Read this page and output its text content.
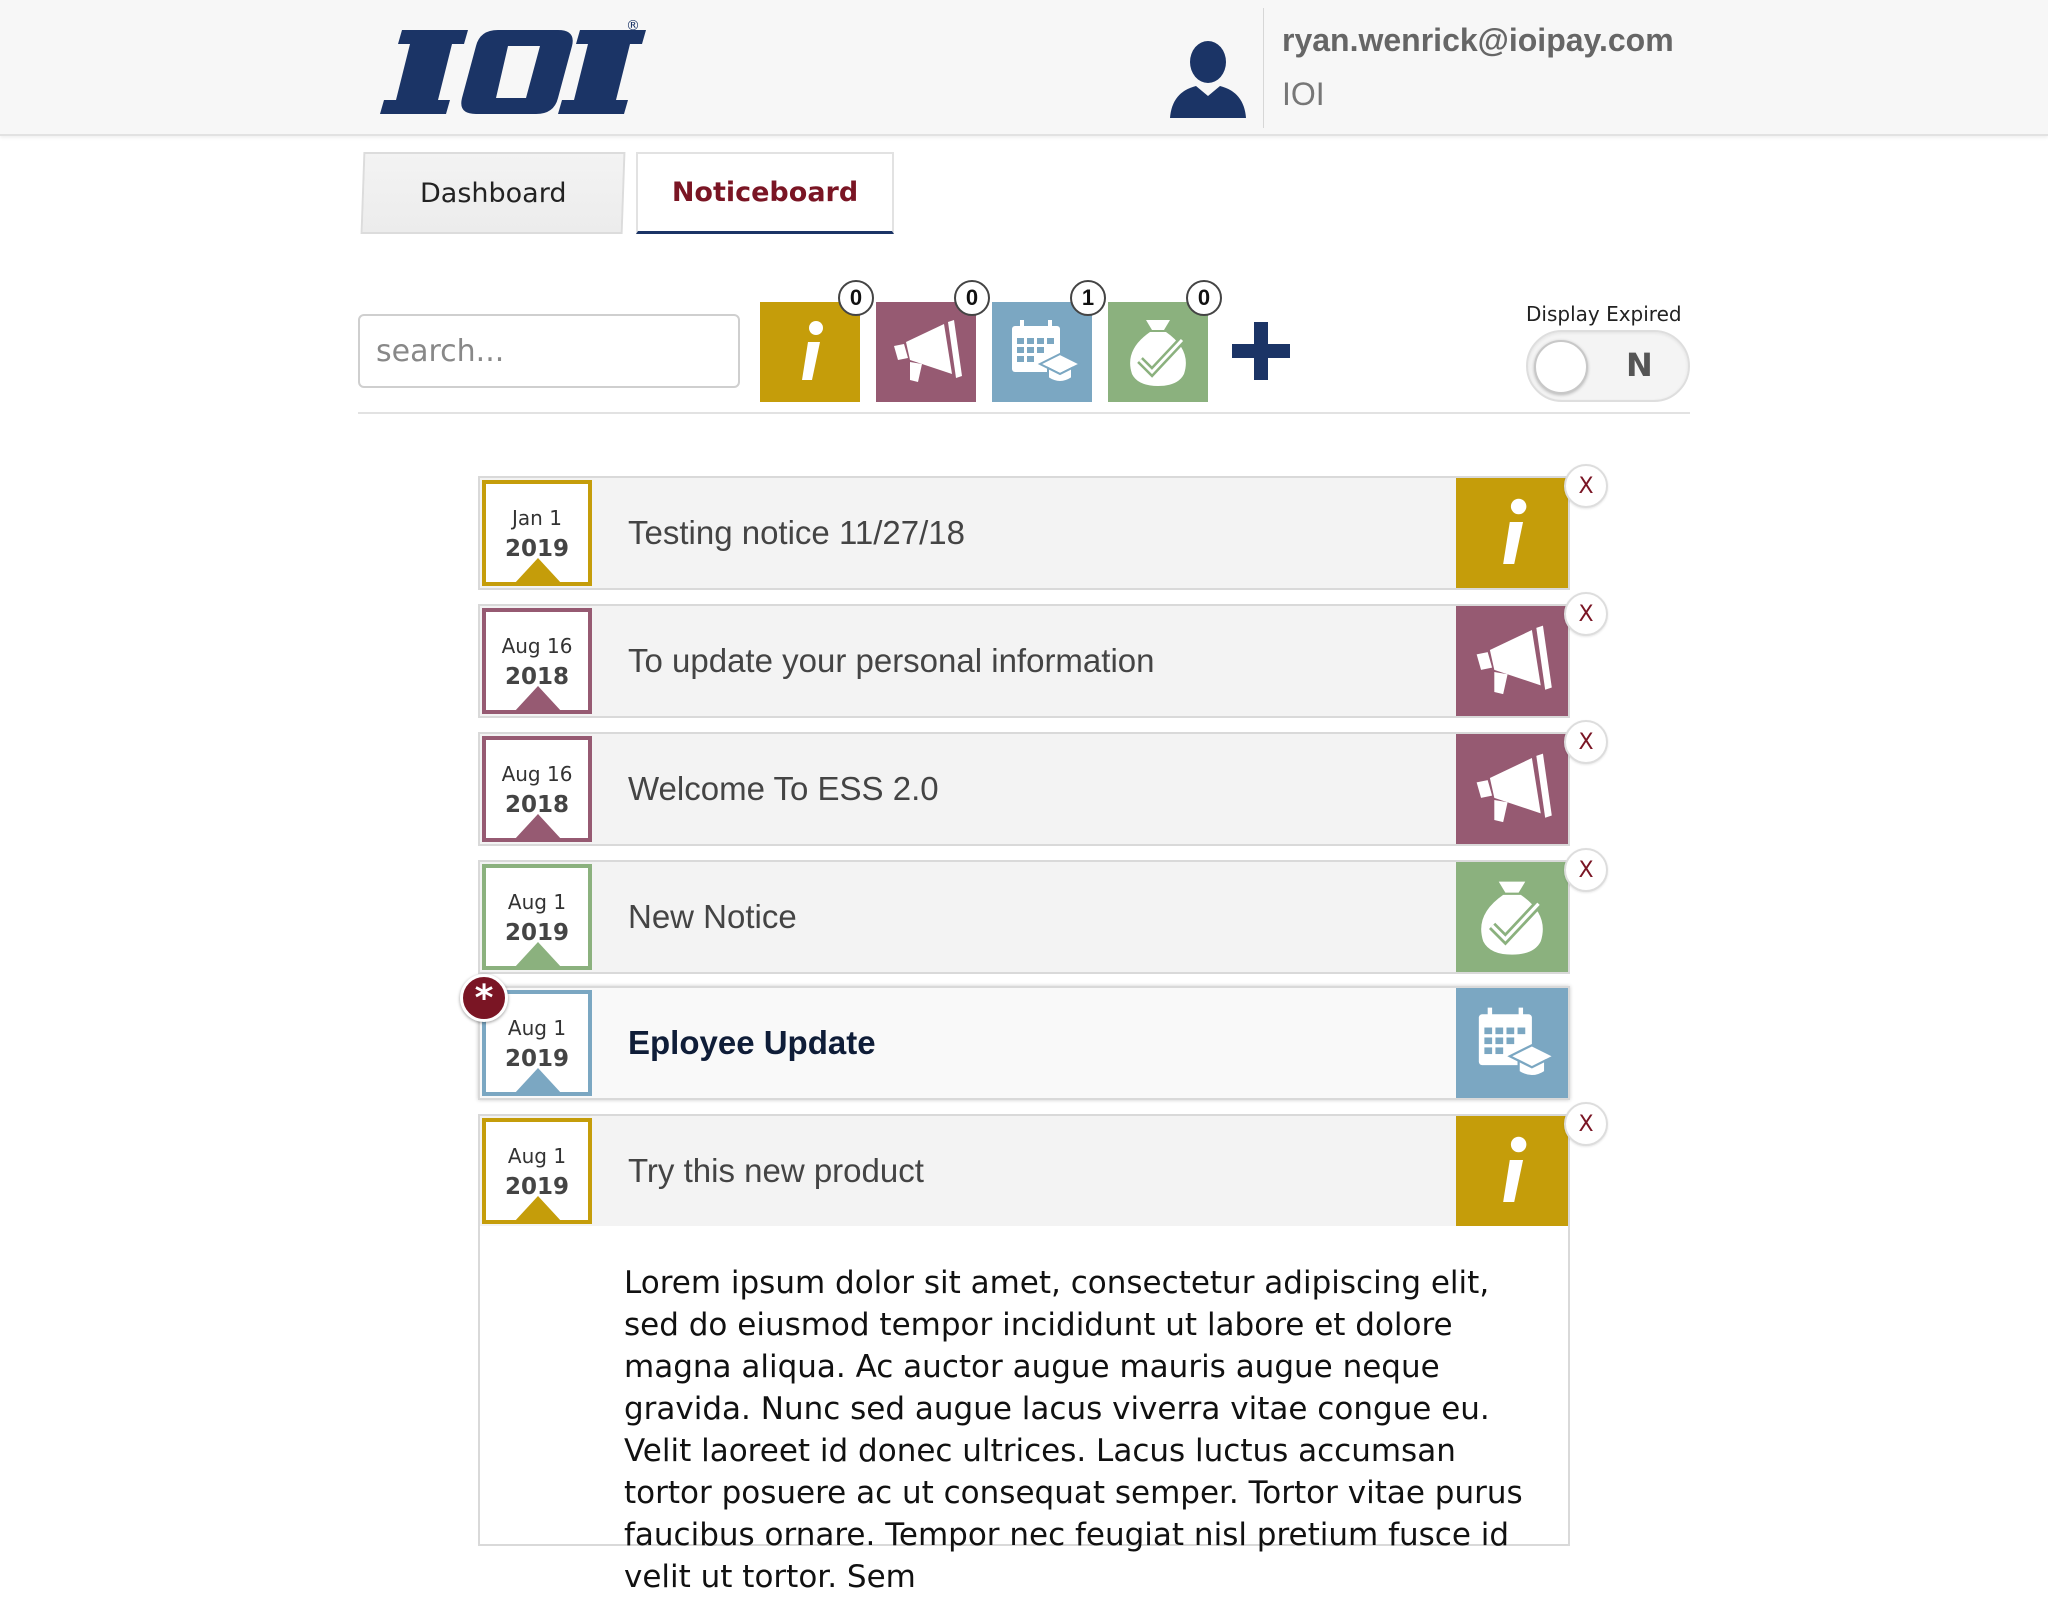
®	ryan.wenrick@ioipay.com
IOI
Dashboard	Noticeboard
search...
0	0	1	0
Display Expired
N
Jan 1
2019	Testing notice 11/27/18
X
Aug 16
2018	To update your personal information
X
Aug 16
2018	Welcome To ESS 2.0
X
Aug 1
2019	New Notice
X
*
Aug 1
2019	Eployee Update
Aug 1
2019	Try this new product
X
Lorem ipsum dolor sit amet, consectetur adipiscing elit, sed do eiusmod tempor incididunt ut labore et dolore magna aliqua. Ac auctor augue mauris augue neque gravida. Nunc sed augue lacus viverra vitae congue eu. Velit laoreet id donec ultrices. Lacus luctus accumsan tortor posuere ac ut consequat semper. Tortor vitae purus faucibus ornare. Tempor nec feugiat nisl pretium fusce id velit ut tortor. Sem
